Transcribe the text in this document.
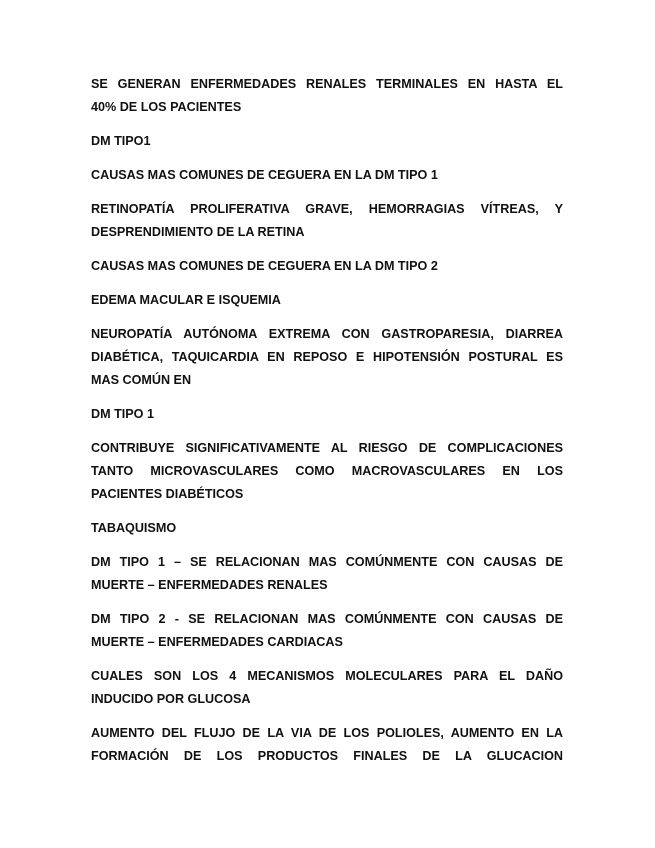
SE GENERAN ENFERMEDADES RENALES TERMINALES EN HASTA EL
40% DE LOS PACIENTES
DM TIPO1
CAUSAS MAS COMUNES DE CEGUERA EN LA DM TIPO 1
RETINOPATÍA PROLIFERATIVA GRAVE, HEMORRAGIAS VÍTREAS, Y
DESPRENDIMIENTO DE LA RETINA
CAUSAS MAS COMUNES DE CEGUERA EN LA DM TIPO 2
EDEMA MACULAR E ISQUEMIA
NEUROPATÍA AUTÓNOMA EXTREMA CON GASTROPARESIA, DIARREA
DIABÉTICA, TAQUICARDIA EN REPOSO E HIPOTENSIÓN POSTURAL ES
MAS COMÚN EN
DM TIPO 1
CONTRIBUYE SIGNIFICATIVAMENTE AL RIESGO DE COMPLICACIONES
TANTO MICROVASCULARES COMO MACROVASCULARES EN LOS
PACIENTES DIABÉTICOS
TABAQUISMO
DM TIPO 1 – SE RELACIONAN MAS COMÚNMENTE CON CAUSAS DE
MUERTE – ENFERMEDADES RENALES
DM TIPO 2 - SE RELACIONAN MAS COMÚNMENTE CON CAUSAS DE
MUERTE – ENFERMEDADES CARDIACAS
CUALES SON LOS 4 MECANISMOS MOLECULARES PARA EL DAÑO
INDUCIDO POR GLUCOSA
AUMENTO DEL FLUJO DE LA VIA DE LOS POLIOLES, AUMENTO EN LA
FORMACIÓN DE LOS PRODUCTOS FINALES DE LA GLUCACION
